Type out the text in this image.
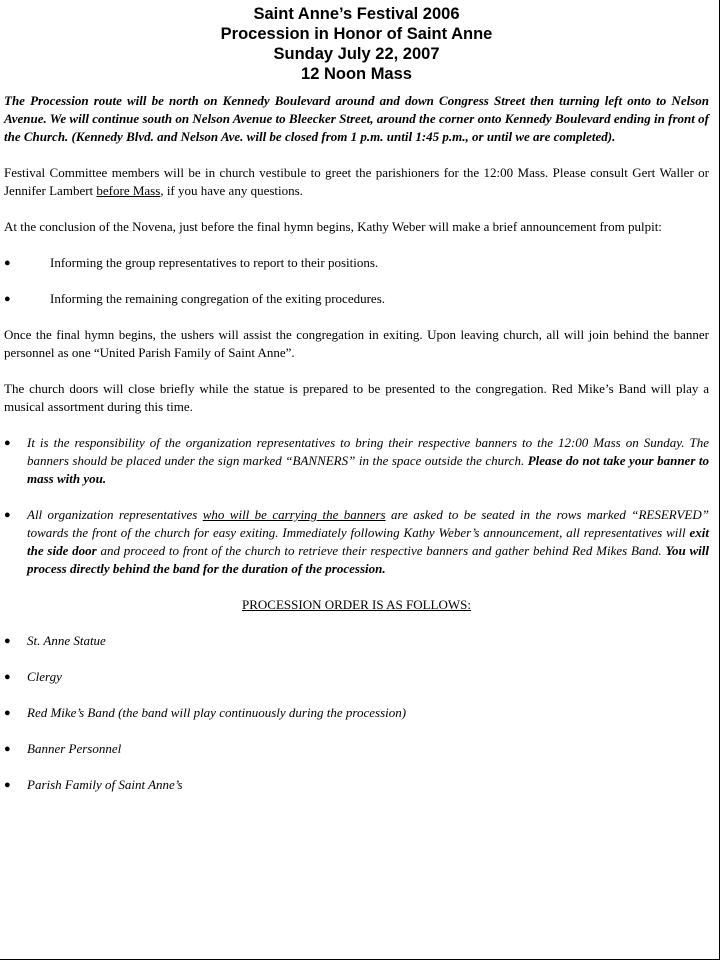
Saint Anne’s Festival 2006
Procession in Honor of Saint Anne
Sunday July 22, 2007
12 Noon Mass

The Procession route will be north on Kennedy Boulevard around and down Congress Street then turning left onto to Nelson Avenue. We will continue south on Nelson Avenue to Bleecker Street, around the corner onto Kennedy Boulevard ending in front of the Church. (Kennedy Blvd. and Nelson Ave. will be closed from 1 p.m. until 1:45 p.m., or until we are completed).

Festival Committee members will be in church vestibule to greet the parishioners for the 12:00 Mass. Please consult Gert Waller or Jennifer Lambert before Mass, if you have any questions.

At the conclusion of the Novena, just before the final hymn begins, Kathy Weber will make a brief announcement from pulpit:

●	Informing the group representatives to report to their positions.
●	Informing the remaining congregation of the exiting procedures.

Once the final hymn begins, the ushers will assist the congregation in exiting. Upon leaving church, all will join behind the banner personnel as one “United Parish Family of Saint Anne”.

The church doors will close briefly while the statue is prepared to be presented to the congregation. Red Mike’s Band will play a musical assortment during this time.

● It is the responsibility of the organization representatives to bring their respective banners to the 12:00 Mass on Sunday. The banners should be placed under the sign marked “BANNERS” in the space outside the church. Please do not take your banner to mass with you.
● All organization representatives who will be carrying the banners are asked to be seated in the rows marked “RESERVED” towards the front of the church for easy exiting. Immediately following Kathy Weber’s announcement, all representatives will exit the side door and proceed to front of the church to retrieve their respective banners and gather behind Red Mikes Band. You will process directly behind the band for the duration of the procession.

PROCESSION ORDER IS AS FOLLOWS:

● St. Anne Statue
● Clergy
● Red Mike’s Band (the band will play continuously during the procession)
● Banner Personnel
● Parish Family of Saint Anne’s
